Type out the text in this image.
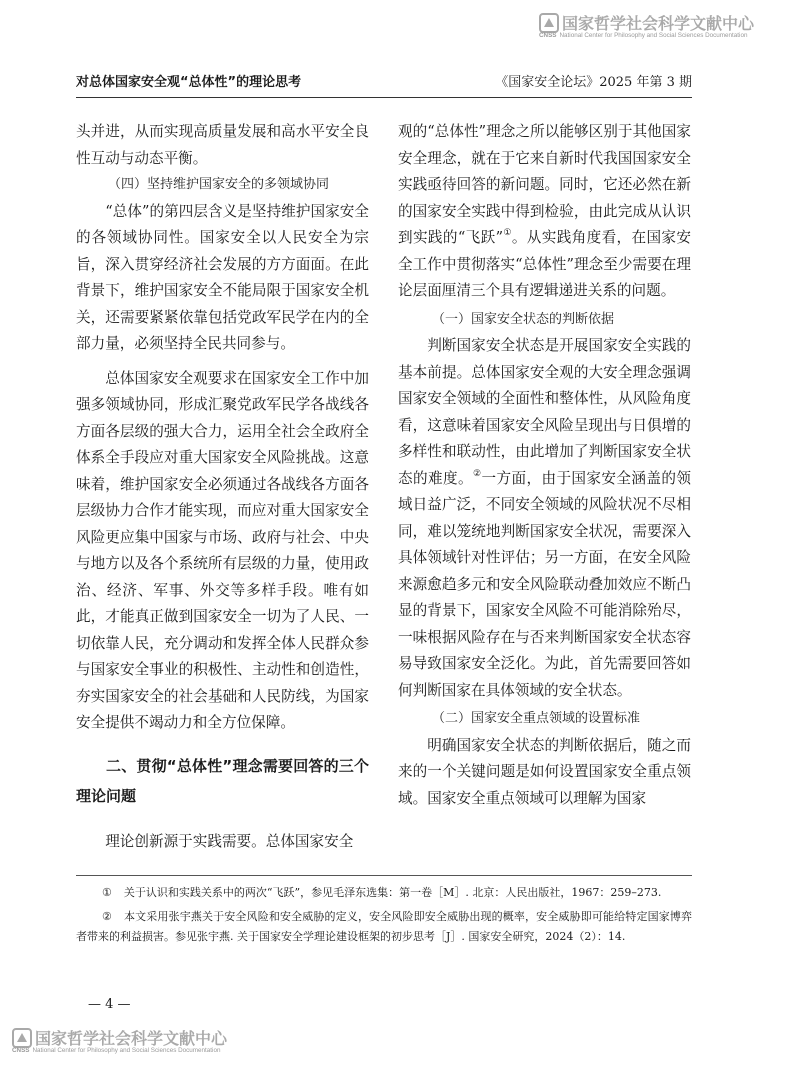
国家哲学社会科学文献中心
CNSS National Center for Philosophy and Social Sciences Documentation
对总体国家安全观“总体性”的理论思考	《国家安全论坛》2025 年第 3 期

头并进，从而实现高质量发展和高水平安全良性互动与动态平衡。

（四）坚持维护国家安全的多领域协同

“总体”的第四层含义是坚持维护国家安全的各领域协同性。国家安全以人民安全为宗旨，深入贯穿经济社会发展的方方面面。在此背景下，维护国家安全不能局限于国家安全机关，还需要紧紧依靠包括党政军民学在内的全部力量，必须坚持全民共同参与。

总体国家安全观要求在国家安全工作中加强多领域协同，形成汇聚党政军民学各战线各方面各层级的强大合力，运用全社会全政府全体系全手段应对重大国家安全风险挑战。这意味着，维护国家安全必须通过各战线各方面各层级协力合作才能实现，而应对重大国家安全风险更应集中国家与市场、政府与社会、中央与地方以及各个系统所有层级的力量，使用政治、经济、军事、外交等多样手段。唯有如此，才能真正做到国家安全一切为了人民、一切依靠人民，充分调动和发挥全体人民群众参与国家安全事业的积极性、主动性和创造性，夯实国家安全的社会基础和人民防线，为国家安全提供不竭动力和全方位保障。

二、贯彻“总体性”理念需要回答的三个理论问题

理论创新源于实践需要。总体国家安全

观的“总体性”理念之所以能够区别于其他国家安全理念，就在于它来自新时代我国国家安全实践亟待回答的新问题。同时，它还必然在新的国家安全实践中得到检验，由此完成从认识到实践的“飞跃”①。从实践角度看，在国家安全工作中贯彻落实“总体性”理念至少需要在理论层面厘清三个具有逻辑递进关系的问题。

（一）国家安全状态的判断依据

判断国家安全状态是开展国家安全实践的基本前提。总体国家安全观的大安全理念强调国家安全领域的全面性和整体性，从风险角度看，这意味着国家安全风险呈现出与日俱增的多样性和联动性，由此增加了判断国家安全状态的难度。②一方面，由于国家安全涵盖的领域日益广泛，不同安全领域的风险状况不尽相同，难以笼统地判断国家安全状况，需要深入具体领域针对性评估；另一方面，在安全风险来源愈趋多元和安全风险联动叠加效应不断凸显的背景下，国家安全风险不可能消除殆尽，一味根据风险存在与否来判断国家安全状态容易导致国家安全泛化。为此，首先需要回答如何判断国家在具体领域的安全状态。

（二）国家安全重点领域的设置标准

明确国家安全状态的判断依据后，随之而来的一个关键问题是如何设置国家安全重点领域。国家安全重点领域可以理解为国家

① 关于认识和实践关系中的两次“飞跃”，参见毛泽东选集：第一卷［M］. 北京：人民出版社，1967：259–273.

② 本文采用张宇燕关于安全风险和安全威胁的定义，安全风险即安全威胁出现的概率，安全威胁即可能给特定国家博弈者带来的利益损害。参见张宇燕. 关于国家安全学理论建设框架的初步思考［J］. 国家安全研究，2024（2）：14.

— 4 —
国家哲学社会科学文献中心
CNSS National Center for Philosophy and Social Sciences Documentation
